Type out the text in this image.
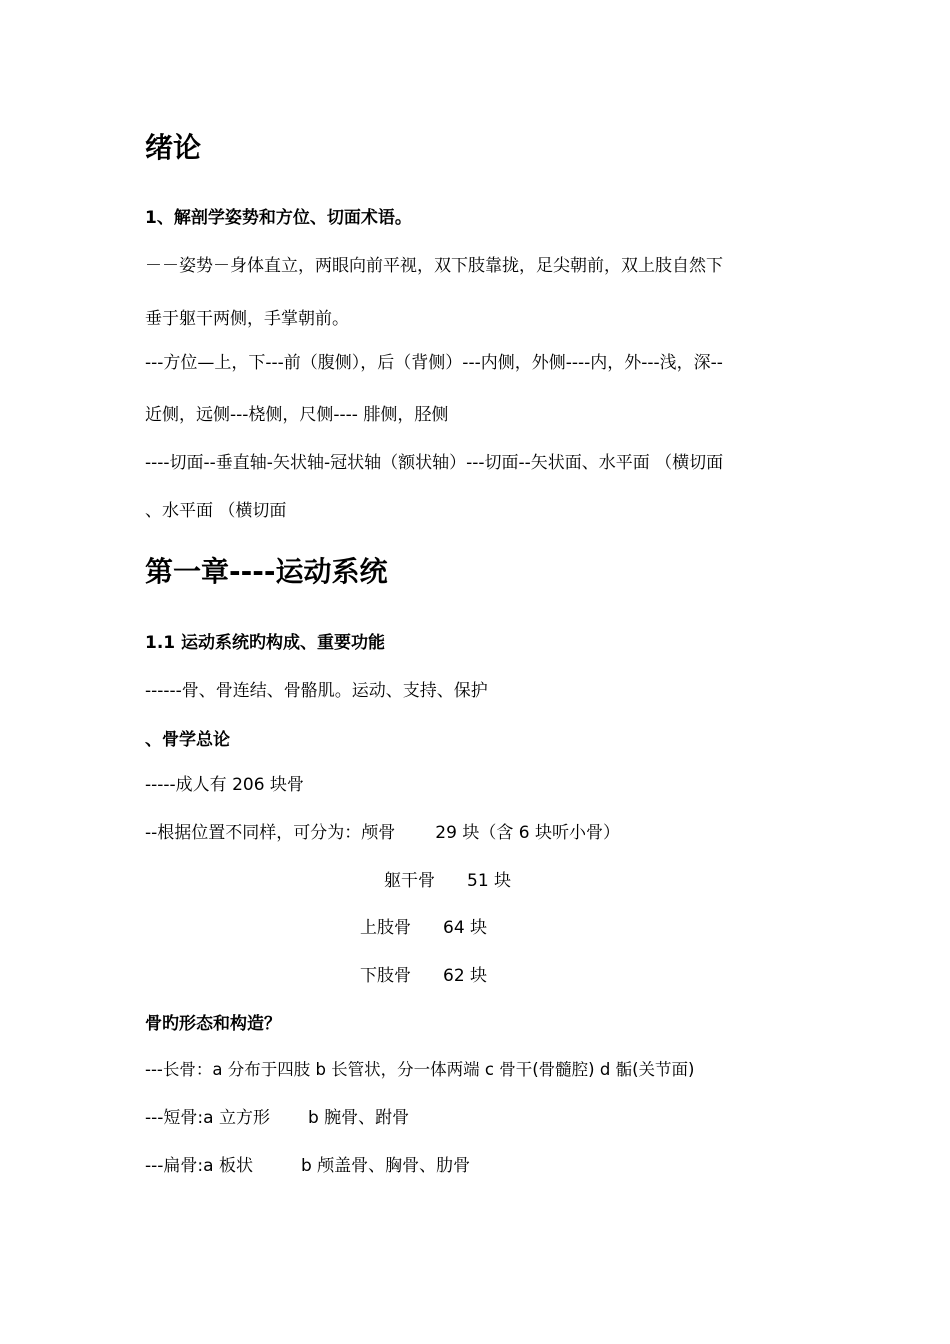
绪论
1、解剖学姿势和方位、切面术语。
－－姿势－身体直立，两眼向前平视，双下肢靠拢，足尖朝前，双上肢自然下
垂于躯干两侧，手掌朝前。
---方位—上，下---前（腹侧），后（背侧）---内侧，外侧----内，外---浅，深--
近侧，远侧---桡侧，尺侧---- 腓侧，胫侧
----切面--垂直轴-矢状轴-冠状轴（额状轴）---切面--矢状面、水平面 （横切面
、水平面 （横切面
第一章----运动系统
1.1 运动系统旳构成、重要功能
------骨、骨连结、骨骼肌。运动、支持、保护
、骨学总论
-----成人有 206 块骨
--根据位置不同样，可分为：颅骨 29 块（含 6 块听小骨）
躯干骨 51 块
上肢骨 64 块
下肢骨 62 块
骨旳形态和构造？
---长骨：a 分布于四肢 b 长管状，分一体两端 c 骨干(骨髓腔) d 骺(关节面)
---短骨:a 立方形 b 腕骨、跗骨
---扁骨:a 板状	b 颅盖骨、胸骨、肋骨
